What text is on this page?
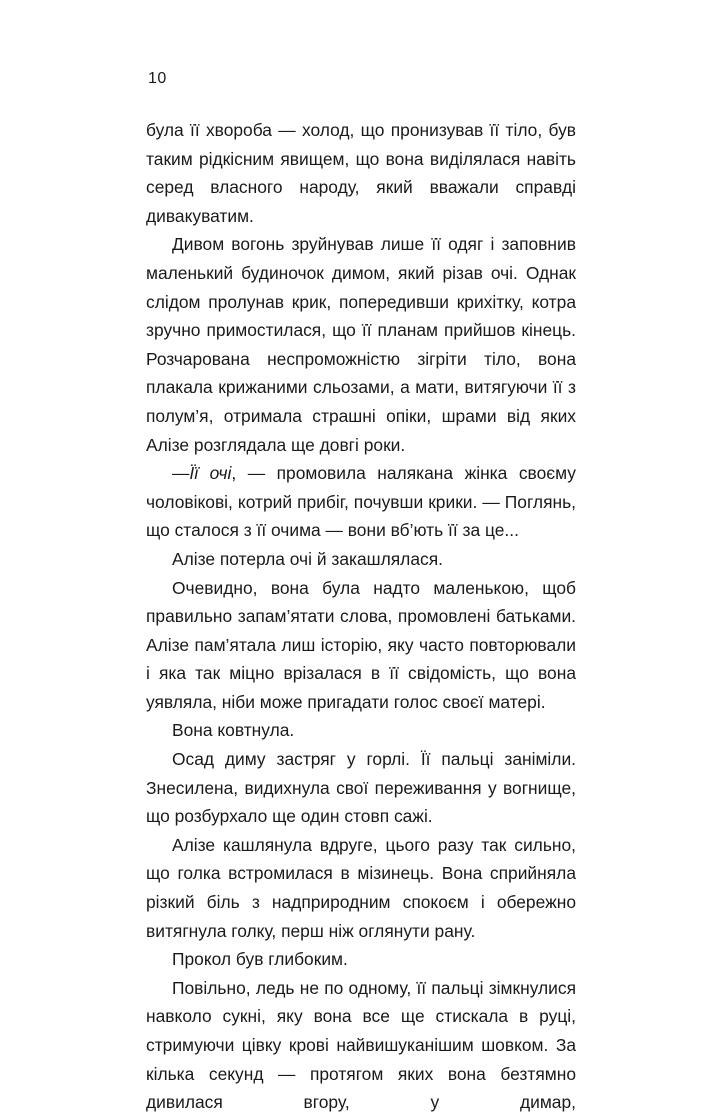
10

була її хвороба — холод, що пронизував її тіло, був таким рідкісним явищем, що вона виділялася навіть серед власного народу, який вважали справді дивакуватим.

Дивом вогонь зруйнував лише її одяг і заповнив маленький будиночок димом, який різав очі. Однак слідом пролунав крик, попередивши крихітку, котра зручно примостилася, що її планам прийшов кінець. Розчарована неспроможністю зігріти тіло, вона плакала крижаними сльозами, а мати, витягуючи її з полум’я, отримала страшні опіки, шрами від яких Алізе розглядала ще довгі роки.

—Її очі, — промовила налякана жінка своєму чоловікові, котрий прибіг, почувши крики. — Поглянь, що сталося з її очима — вони вб’ють її за це...

Алізе потерла очі й закашлялася.

Очевидно, вона була надто маленькою, щоб правильно запам’ятати слова, промовлені батьками. Алізе пам’ятала лиш історію, яку часто повторювали і яка так міцно врізалася в її свідомість, що вона уявляла, ніби може пригадати голос своєї матері.

Вона ковтнула.

Осад диму застряг у горлі. Її пальці заніміли. Знесилена, видихнула свої переживання у вогнище, що розбурхало ще один стовп сажі.

Алізе кашлянула вдруге, цього разу так сильно, що голка встромилася в мізинець. Вона сприйняла різкий біль з надприродним спокоєм і обережно витягнула голку, перш ніж оглянути рану.

Прокол був глибоким.

Повільно, ледь не по одному, її пальці зімкнулися навколо сукні, яку вона все ще стискала в руці, стримуючи цівку крові найвишуканішим шовком. За кілька секунд — протягом яких вона безтямно дивилася вгору, у димар,
